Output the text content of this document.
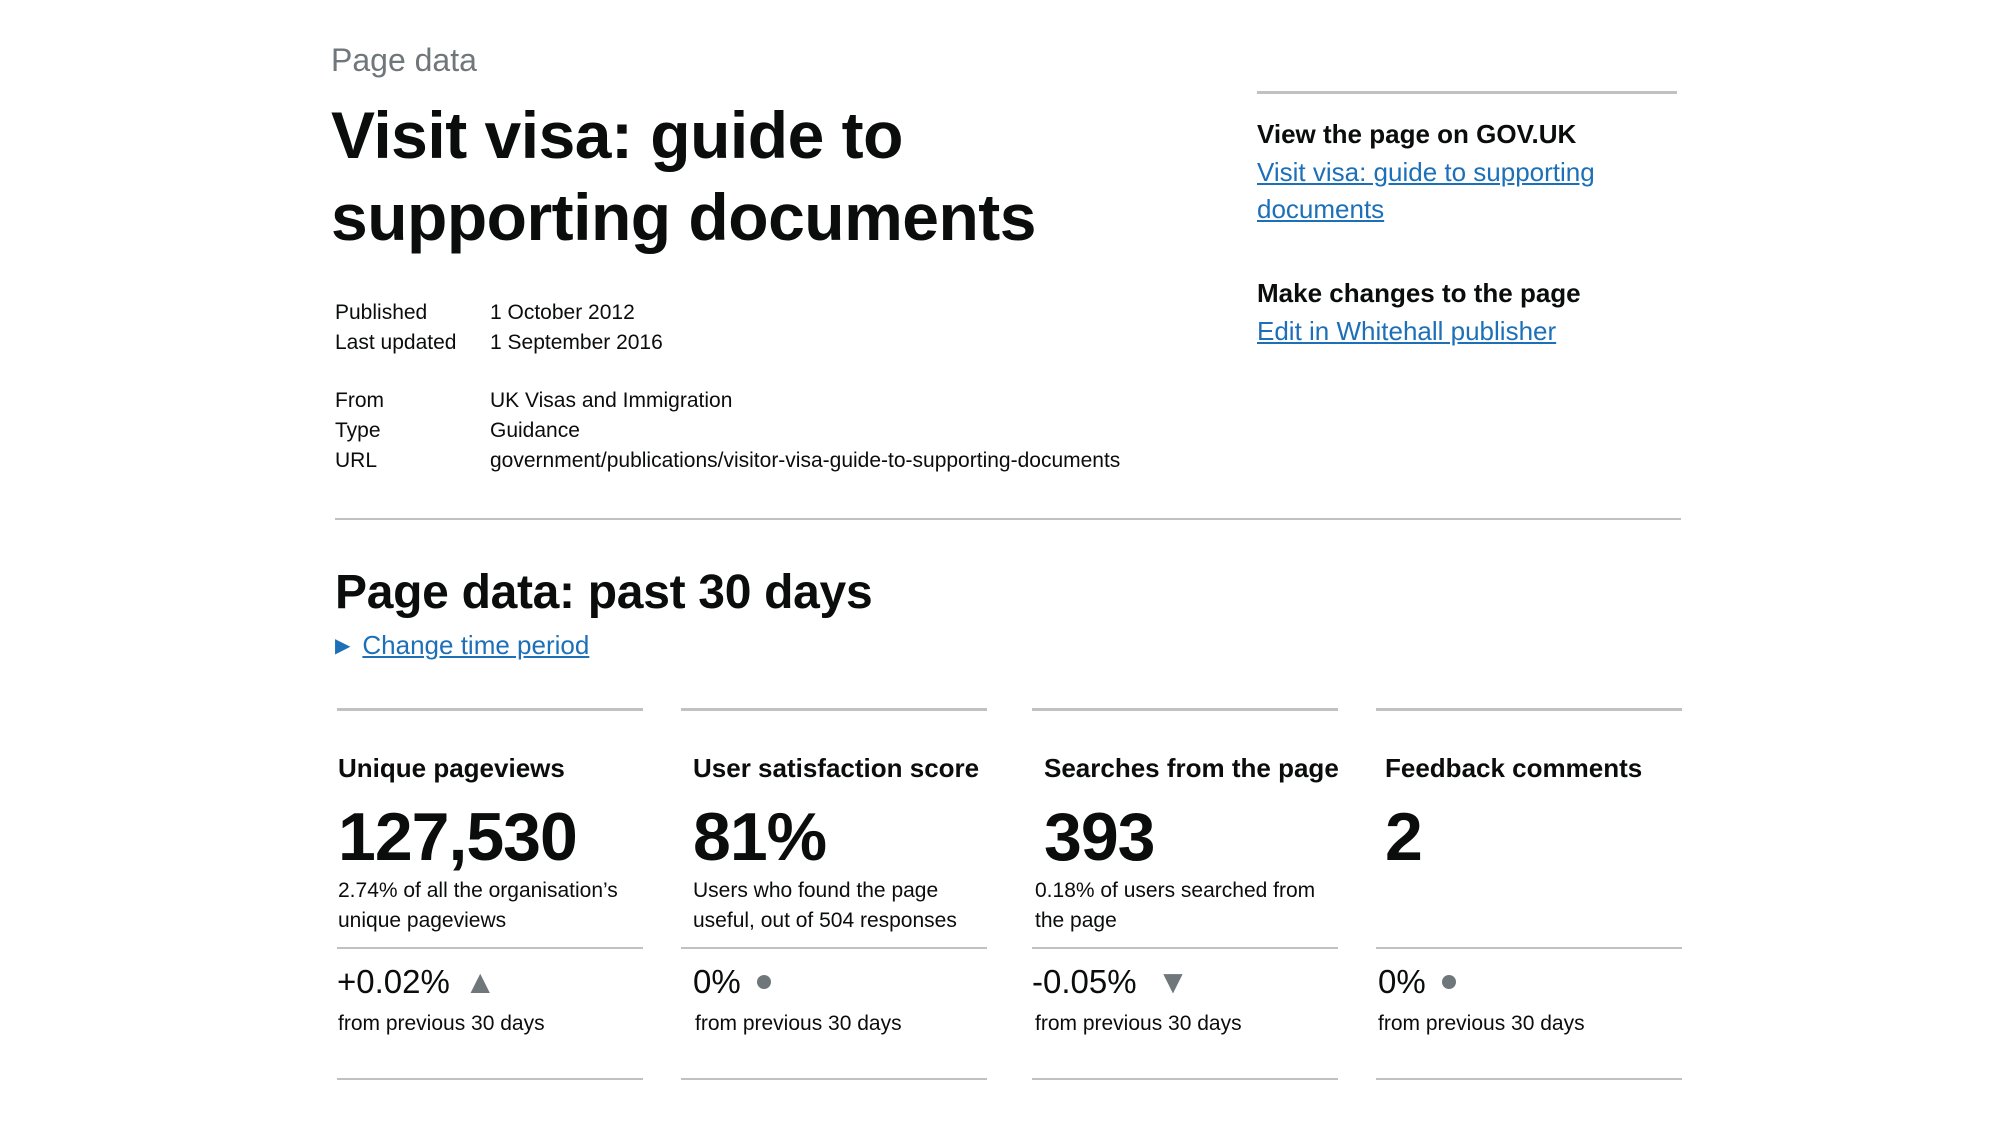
Page data
Visit visa: guide to supporting documents
Published	1 October 2012
Last updated	1 September 2016
From	UK Visas and Immigration
Type	Guidance
URL	government/publications/visitor-visa-guide-to-supporting-documents
View the page on GOV.UK
Visit visa: guide to supporting documents
Make changes to the page
Edit in Whitehall publisher
Page data: past 30 days
▶ Change time period
Unique pageviews
127,530
2.74% of all the organisation’s unique pageviews
+0.02% ▲
from previous 30 days
User satisfaction score
81%
Users who found the page useful, out of 504 responses
0%
from previous 30 days
Searches from the page
393
0.18% of users searched from the page
-0.05% ▼
from previous 30 days
Feedback comments
2
0%
from previous 30 days
